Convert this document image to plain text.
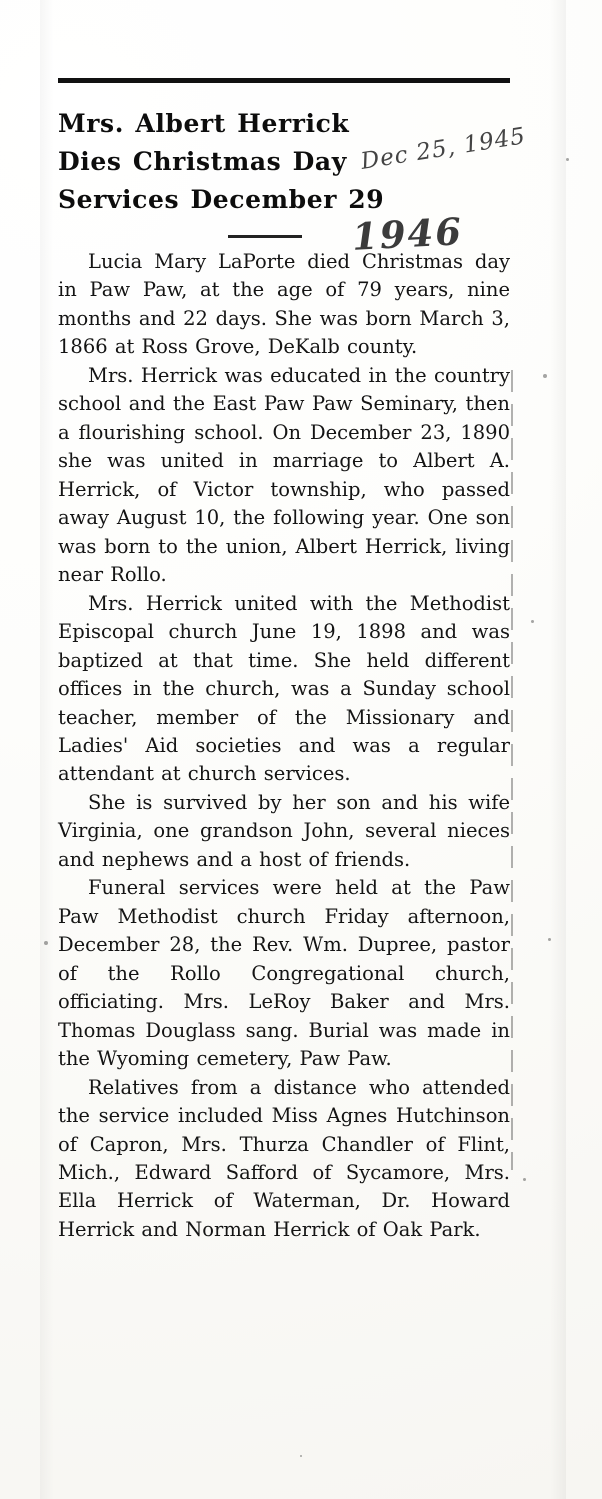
Mrs. Albert Herrick
Dies Christmas Day
Services December 29

Lucia Mary LaPorte died Christmas day in Paw Paw, at the age of 79 years, nine months and 22 days. She was born March 3, 1866 at Ross Grove, DeKalb county.

Mrs. Herrick was educated in the country school and the East Paw Paw Seminary, then a flourishing school. On December 23, 1890 she was united in marriage to Albert A. Herrick, of Victor township, who passed away August 10, the following year. One son was born to the union, Albert Herrick, living near Rollo.

Mrs. Herrick united with the Methodist Episcopal church June 19, 1898 and was baptized at that time. She held different offices in the church, was a Sunday school teacher, member of the Missionary and Ladies' Aid societies and was a regular attendant at church services.

She is survived by her son and his wife Virginia, one grandson John, several nieces and nephews and a host of friends.

Funeral services were held at the Paw Paw Methodist church Friday afternoon, December 28, the Rev. Wm. Dupree, pastor of the Rollo Congregational church, officiating. Mrs. LeRoy Baker and Mrs. Thomas Douglass sang. Burial was made in the Wyoming cemetery, Paw Paw.

Relatives from a distance who attended the service included Miss Agnes Hutchinson of Capron, Mrs. Thurza Chandler of Flint, Mich., Edward Safford of Sycamore, Mrs. Ella Herrick of Waterman, Dr. Howard Herrick and Norman Herrick of Oak Park.

Dec 25, 1945
1946
